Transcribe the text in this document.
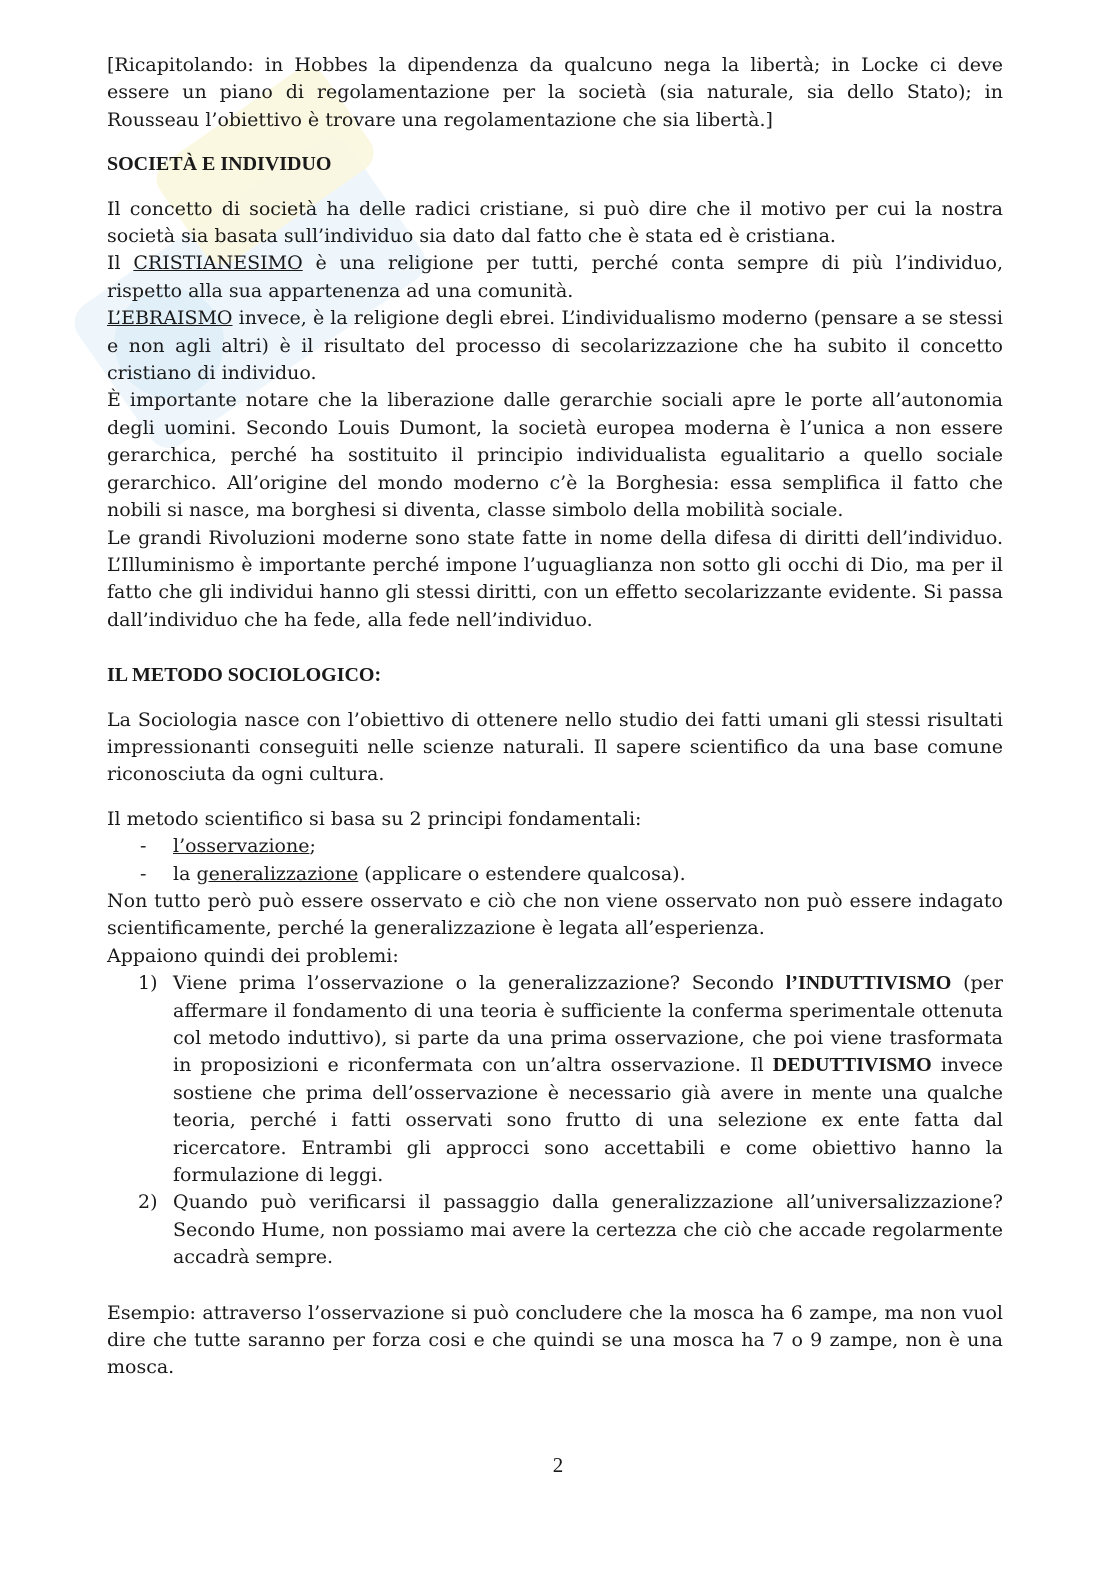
[Ricapitolando: in Hobbes la dipendenza da qualcuno nega la libertà; in Locke ci deve essere un piano di regolamentazione per la società (sia naturale, sia dello Stato); in Rousseau l’obiettivo è trovare una regolamentazione che sia libertà.]

SOCIETÀ E INDIVIDUO

Il concetto di società ha delle radici cristiane, si può dire che il motivo per cui la nostra società sia basata sull’individuo sia dato dal fatto che è stata ed è cristiana.

Il CRISTIANESIMO è una religione per tutti, perché conta sempre di più l’individuo, rispetto alla sua appartenenza ad una comunità.

L’EBRAISMO invece, è la religione degli ebrei. L’individualismo moderno (pensare a se stessi e non agli altri) è il risultato del processo di secolarizzazione che ha subito il concetto cristiano di individuo.

È importante notare che la liberazione dalle gerarchie sociali apre le porte all’autonomia degli uomini. Secondo Louis Dumont, la società europea moderna è l’unica a non essere gerarchica, perché ha sostituito il principio individualista egualitario a quello sociale gerarchico. All’origine del mondo moderno c’è la Borghesia: essa semplifica il fatto che nobili si nasce, ma borghesi si diventa, classe simbolo della mobilità sociale.

Le grandi Rivoluzioni moderne sono state fatte in nome della difesa di diritti dell’individuo. L’Illuminismo è importante perché impone l’uguaglianza non sotto gli occhi di Dio, ma per il fatto che gli individui hanno gli stessi diritti, con un effetto secolarizzante evidente. Si passa dall’individuo che ha fede, alla fede nell’individuo.

IL METODO SOCIOLOGICO:

La Sociologia nasce con l’obiettivo di ottenere nello studio dei fatti umani gli stessi risultati impressionanti conseguiti nelle scienze naturali. Il sapere scientifico da una base comune riconosciuta da ogni cultura.

Il metodo scientifico si basa su 2 principi fondamentali:

- l’osservazione;
- la generalizzazione (applicare o estendere qualcosa).

Non tutto però può essere osservato e ciò che non viene osservato non può essere indagato scientificamente, perché la generalizzazione è legata all’esperienza.

Appaiono quindi dei problemi:

1) Viene prima l’osservazione o la generalizzazione? Secondo l’INDUTTIVISMO (per affermare il fondamento di una teoria è sufficiente la conferma sperimentale ottenuta col metodo induttivo), si parte da una prima osservazione, che poi viene trasformata in proposizioni e riconfermata con un’altra osservazione. Il DEDUTTIVISMO invece sostiene che prima dell’osservazione è necessario già avere in mente una qualche teoria, perché i fatti osservati sono frutto di una selezione ex ente fatta dal ricercatore. Entrambi gli approcci sono accettabili e come obiettivo hanno la formulazione di leggi.
2) Quando può verificarsi il passaggio dalla generalizzazione all’universalizzazione? Secondo Hume, non possiamo mai avere la certezza che ciò che accade regolarmente accadrà sempre.

Esempio: attraverso l’osservazione si può concludere che la mosca ha 6 zampe, ma non vuol dire che tutte saranno per forza cosi e che quindi se una mosca ha 7 o 9 zampe, non è una mosca.

2
